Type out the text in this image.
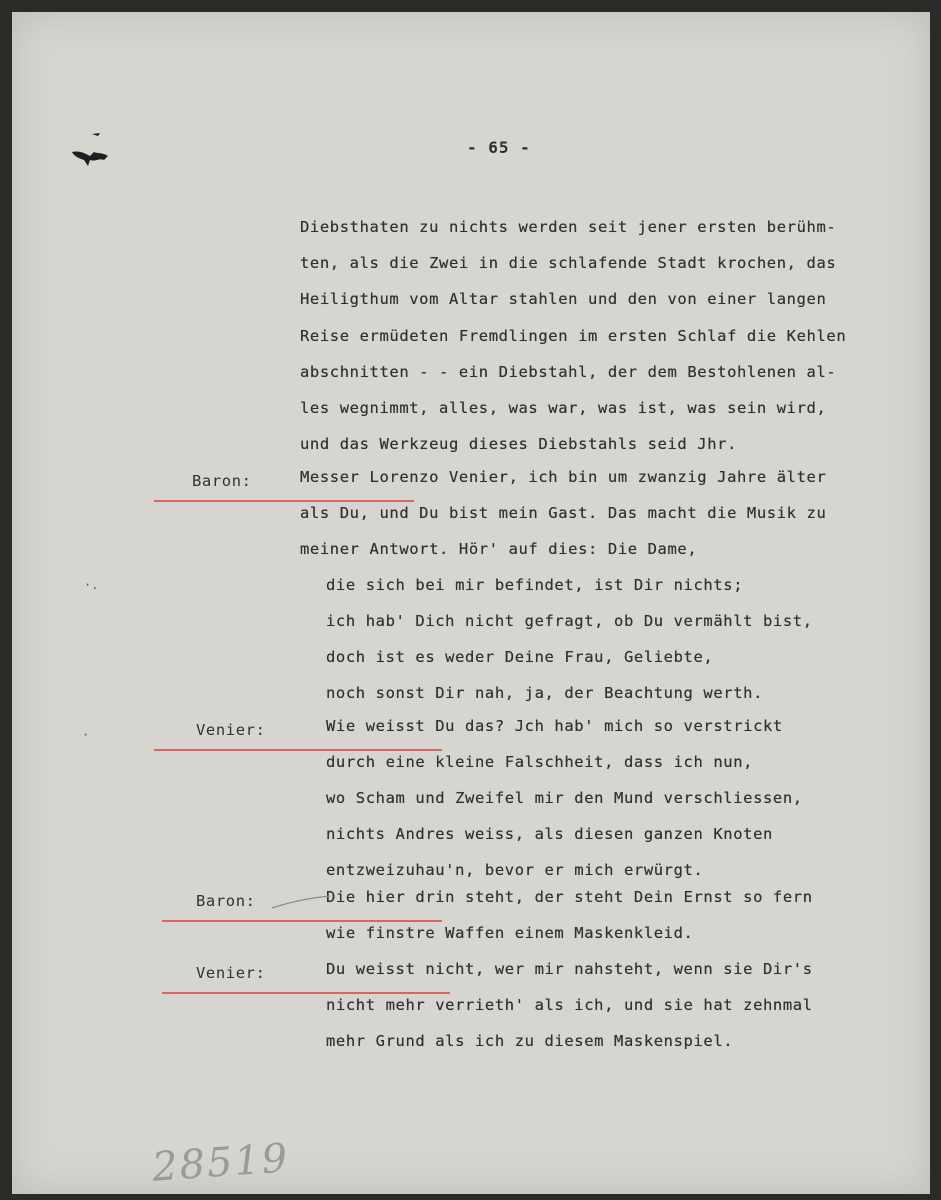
- 65 -
Diebsthaten zu nichts werden seit jener ersten berühm-
ten, als die Zwei in die schlafende Stadt krochen, das
Heiligthum vom Altar stahlen und den von einer langen
Reise ermüdeten Fremdlingen im ersten Schlaf die Kehlen
abschnitten - - ein Diebstahl, der dem Bestohlenen al-
les wegnimmt, alles, was war, was ist, was sein wird,
und das Werkzeug dieses Diebstahls seid Jhr.
Baron:	Messer Lorenzo Venier, ich bin um zwanzig Jahre älter
als Du, und Du bist mein Gast. Das macht die Musik zu
meiner Antwort. Hör' auf dies: Die Dame,
die sich bei mir befindet, ist Dir nichts;
ich hab' Dich nicht gefragt, ob Du vermählt bist,
doch ist es weder Deine Frau, Geliebte,
noch sonst Dir nah, ja, der Beachtung werth.
Venier:	Wie weisst Du das? Jch hab' mich so verstrickt
durch eine kleine Falschheit, dass ich nun,
wo Scham und Zweifel mir den Mund verschliessen,
nichts Andres weiss, als diesen ganzen Knoten
entzweizuhau'n, bevor er mich erwürgt.
Baron:	Die hier drin steht, der steht Dein Ernst so fern
wie finstre Waffen einem Maskenkleid.
Venier:	Du weisst nicht, wer mir nahsteht, wenn sie Dir's
nicht mehr verrieth' als ich, und sie hat zehnmal
mehr Grund als ich zu diesem Maskenspiel.
·.
·
28519
